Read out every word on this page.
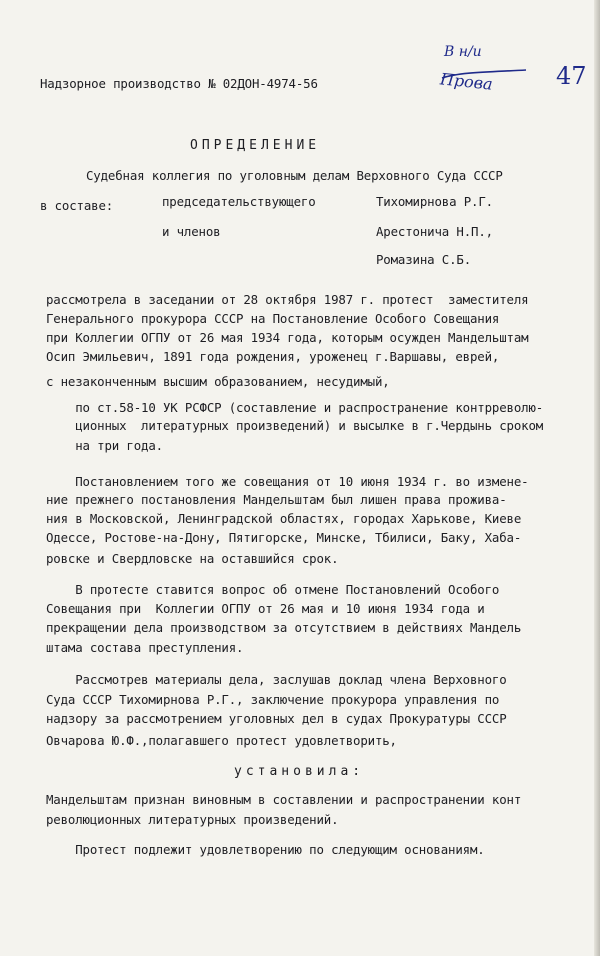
В н/и
Прова	47
Надзорное производство № 02ДОН-4974-56
ОПРЕДЕЛЕНИЕ
Судебная коллегия по уголовным делам Верховного Суда СССР
в составе:	председательствующего	Тихомирнова Р.Г.
и членов	Арестонича Н.П.,
Ромазина С.Б.
рассмотрела в заседании от 28 октября 1987 г. протест  заместителя
Генерального прокурора СССР на Постановление Особого Совещания
при Коллегии ОГПУ от 26 мая 1934 года, которым осужден Мандельштам
Осип Эмильевич, 1891 года рождения, уроженец г.Варшавы, еврей,
с незаконченным высшим образованием, несудимый,
по ст.58-10 УК РСФСР (составление и распространение контрреволю-
ционных  литературных произведений) и высылке в г.Чердынь сроком
на три года.
Постановлением того же совещания от 10 июня 1934 г. во измене-
ние прежнего постановления Мандельштам был лишен права прожива-
ния в Московской, Ленинградской областях, городах Харькове, Киеве
Одессе, Ростове-на-Дону, Пятигорске, Минске, Тбилиси, Баку, Хаба-
ровске и Свердловске на оставшийся срок.
В протесте ставится вопрос об отмене Постановлений Особого
Совещания при  Коллегии ОГПУ от 26 мая и 10 июня 1934 года и
прекращении дела производством за отсутствием в действиях Мандель
штама состава преступления.
Рассмотрев материалы дела, заслушав доклад члена Верховного
Суда СССР Тихомирнова Р.Г., заключение прокурора управления по
надзору за рассмотрением уголовных дел в судах Прокуратуры СССР
Овчарова Ю.Ф.,полагавшего протест удовлетворить,
установила:
Мандельштам признан виновным в составлении и распространении конт
революционных литературных произведений.
Протест подлежит удовлетворению по следующим основаниям.
